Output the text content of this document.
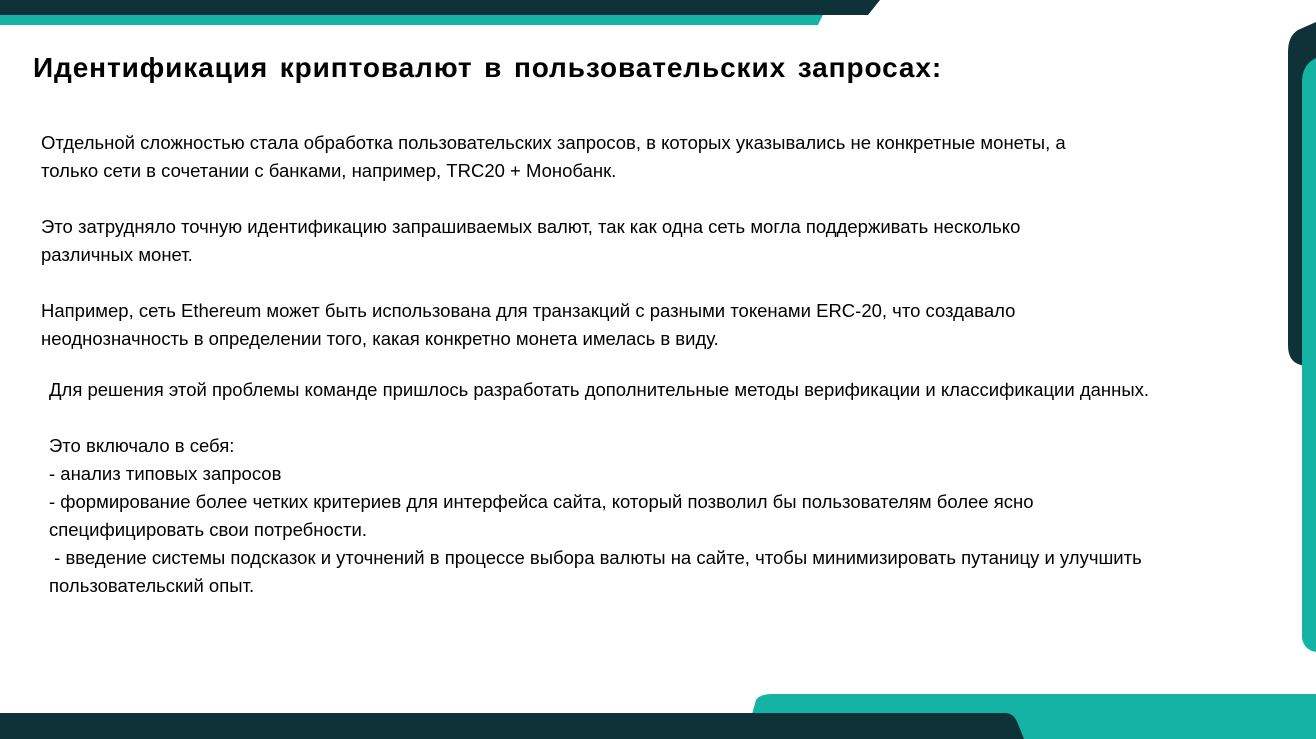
Идентификация криптовалют в пользовательских запросах:

Отдельной сложностью стала обработка пользовательских запросов, в которых указывались не конкретные монеты, а
только сети в сочетании с банками, например, TRC20 + Монобанк.

Это затрудняло точную идентификацию запрашиваемых валют, так как одна сеть могла поддерживать несколько
различных монет.

Например, сеть Ethereum может быть использована для транзакций с разными токенами ERC-20, что создавало
неоднозначность в определении того, какая конкретно монета имелась в виду.

Для решения этой проблемы команде пришлось разработать дополнительные методы верификации и классификации данных.

Это включало в себя:
- анализ типовых запросов
- формирование более четких критериев для интерфейса сайта, который позволил бы пользователям более ясно
специфицировать свои потребности.
- введение системы подсказок и уточнений в процессе выбора валюты на сайте, чтобы минимизировать путаницу и улучшить
пользовательский опыт.
